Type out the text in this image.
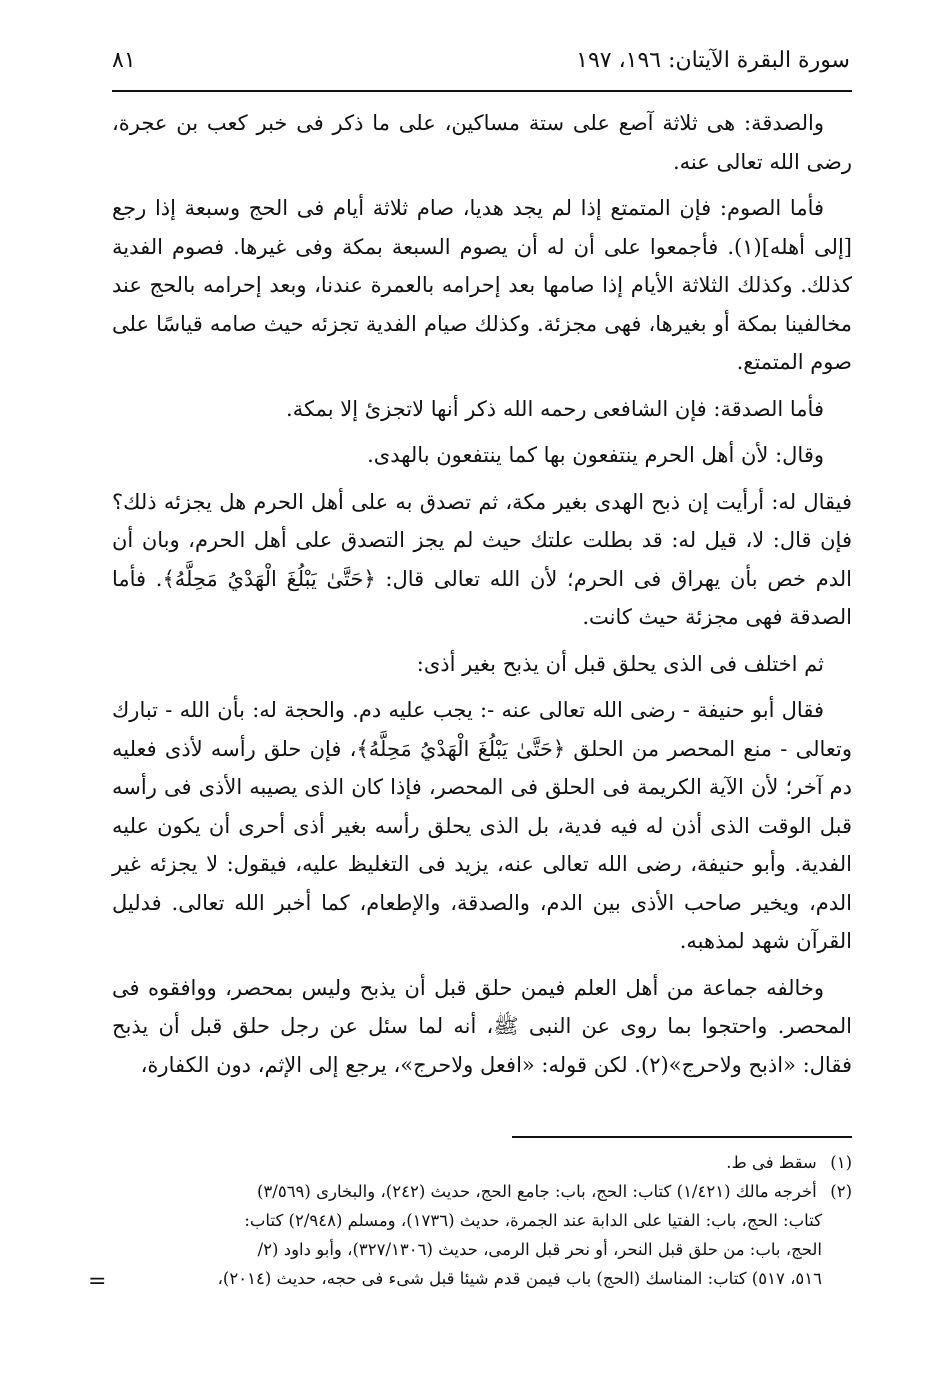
سورة البقرة الآيتان: ١٩٦، ١٩٧
٨١

والصدقة: هى ثلاثة آصع على ستة مساكين، على ما ذكر فى خبر كعب بن عجرة، رضى الله تعالى عنه.

فأما الصوم: فإن المتمتع إذا لم يجد هديا، صام ثلاثة أيام فى الحج وسبعة إذا رجع [إلى أهله](١). فأجمعوا على أن له أن يصوم السبعة بمكة وفى غيرها. فصوم الفدية كذلك. وكذلك الثلاثة الأيام إذا صامها بعد إحرامه بالعمرة عندنا، وبعد إحرامه بالحج عند مخالفينا بمكة أو بغيرها، فهى مجزئة. وكذلك صيام الفدية تجزئه حيث صامه قياسًا على صوم المتمتع.

فأما الصدقة: فإن الشافعى رحمه الله ذكر أنها لاتجزئ إلا بمكة.

وقال: لأن أهل الحرم ينتفعون بها كما ينتفعون بالهدى.

فيقال له: أرأيت إن ذبح الهدى بغير مكة، ثم تصدق به على أهل الحرم هل يجزئه ذلك؟ فإن قال: لا، قيل له: قد بطلت علتك حيث لم يجز التصدق على أهل الحرم، وبان أن الدم خص بأن يهراق فى الحرم؛ لأن الله تعالى قال: ﴿حَتَّىٰ يَبْلُغَ الْهَدْيُ مَحِلَّهُ﴾. فأما الصدقة فهى مجزئة حيث كانت.

ثم اختلف فى الذى يحلق قبل أن يذبح بغير أذى:

فقال أبو حنيفة - رضى الله تعالى عنه -: يجب عليه دم. والحجة له: بأن الله - تبارك وتعالى - منع المحصر من الحلق ﴿حَتَّىٰ يَبْلُغَ الْهَدْيُ مَحِلَّهُ﴾، فإن حلق رأسه لأذى فعليه دم آخر؛ لأن الآية الكريمة فى الحلق فى المحصر، فإذا كان الذى يصيبه الأذى فى رأسه قبل الوقت الذى أذن له فيه فدية، بل الذى يحلق رأسه بغير أذى أحرى أن يكون عليه الفدية. وأبو حنيفة، رضى الله تعالى عنه، يزيد فى التغليظ عليه، فيقول: لا يجزئه غير الدم، ويخير صاحب الأذى بين الدم، والصدقة، والإطعام، كما أخبر الله تعالى. فدليل القرآن شهد لمذهبه.

وخالفه جماعة من أهل العلم فيمن حلق قبل أن يذبح وليس بمحصر، ووافقوه فى المحصر. واحتجوا بما روى عن النبى ﷺ، أنه لما سئل عن رجل حلق قبل أن يذبح فقال: «اذبح ولاحرج»(٢). لكن قوله: «افعل ولاحرج»، يرجع إلى الإثم، دون الكفارة،

(١) سقط فى ط.

(٢) أخرجه مالك (١/٤٢١) كتاب: الحج، باب: جامع الحج، حديث (٢٤٢)، والبخارى (٣/٥٦٩)

كتاب: الحج، باب: الفتيا على الدابة عند الجمرة، حديث (١٧٣٦)، ومسلم (٢/٩٤٨) كتاب:

الحج، باب: من حلق قبل النحر، أو نحر قبل الرمى، حديث (٣٢٧/١٣٠٦)، وأبو داود (٢/

٥١٦، ٥١٧) كتاب: المناسك (الحج) باب فيمن قدم شيئا قبل شىء فى حجه، حديث (٢٠١٤)،

=
